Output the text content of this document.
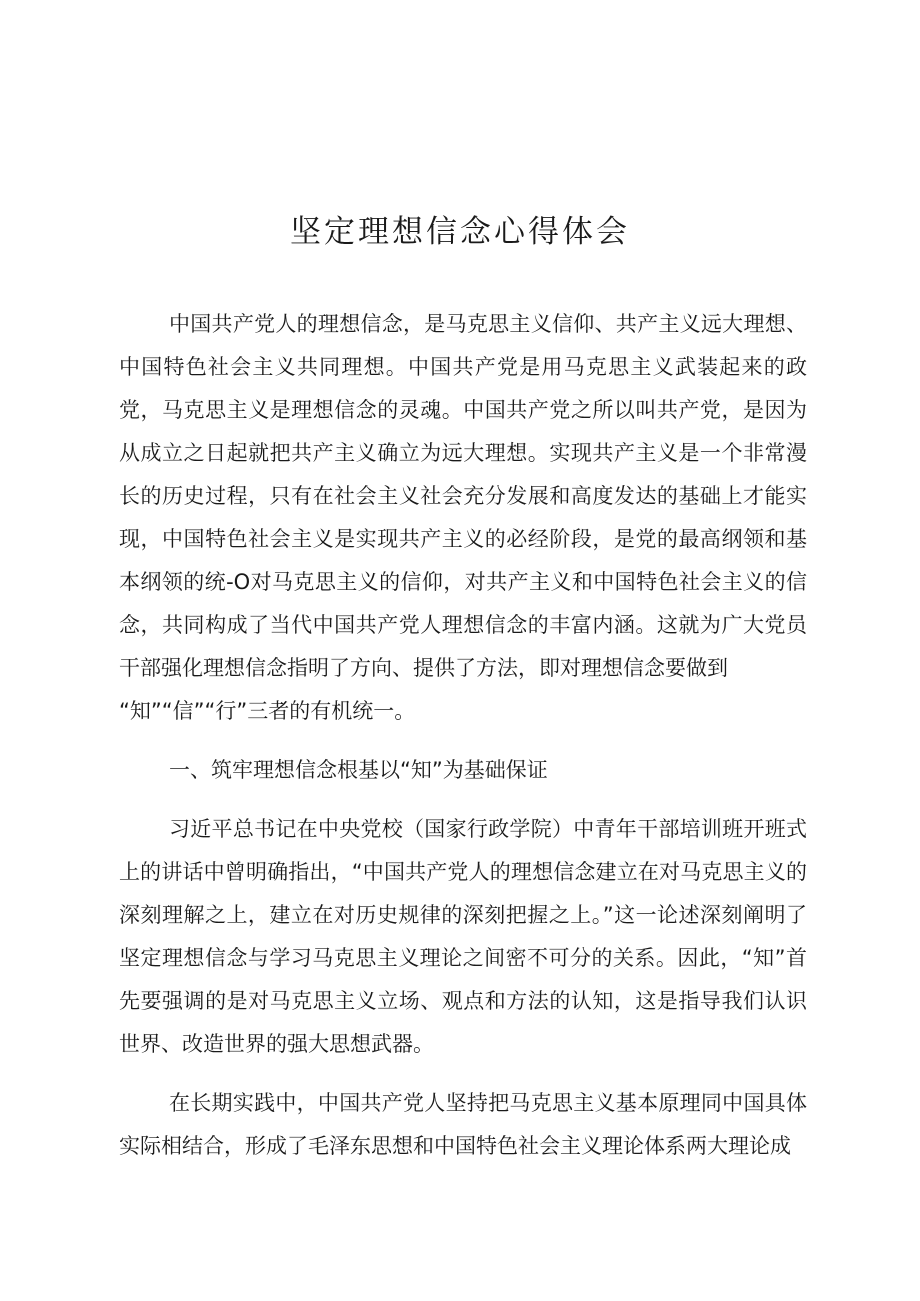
坚定理想信念心得体会

中国共产党人的理想信念，是马克思主义信仰、共产主义远大理想、中国特色社会主义共同理想。中国共产党是用马克思主义武装起来的政党，马克思主义是理想信念的灵魂。中国共产党之所以叫共产党，是因为从成立之日起就把共产主义确立为远大理想。实现共产主义是一个非常漫长的历史过程，只有在社会主义社会充分发展和高度发达的基础上才能实现，中国特色社会主义是实现共产主义的必经阶段，是党的最高纲领和基本纲领的统-O对马克思主义的信仰，对共产主义和中国特色社会主义的信念，共同构成了当代中国共产党人理想信念的丰富内涵。这就为广大党员干部强化理想信念指明了方向、提供了方法，即对理想信念要做到

“知”“信”“行”三者的有机统一。

一、筑牢理想信念根基以“知”为基础保证

习近平总书记在中央党校（国家行政学院）中青年干部培训班开班式上的讲话中曾明确指出，“中国共产党人的理想信念建立在对马克思主义的深刻理解之上，建立在对历史规律的深刻把握之上。”这一论述深刻阐明了坚定理想信念与学习马克思主义理论之间密不可分的关系。因此，“知”首先要强调的是对马克思主义立场、观点和方法的认知，这是指导我们认识世界、改造世界的强大思想武器。

在长期实践中，中国共产党人坚持把马克思主义基本原理同中国具体实际相结合，形成了毛泽东思想和中国特色社会主义理论体系两大理论成
